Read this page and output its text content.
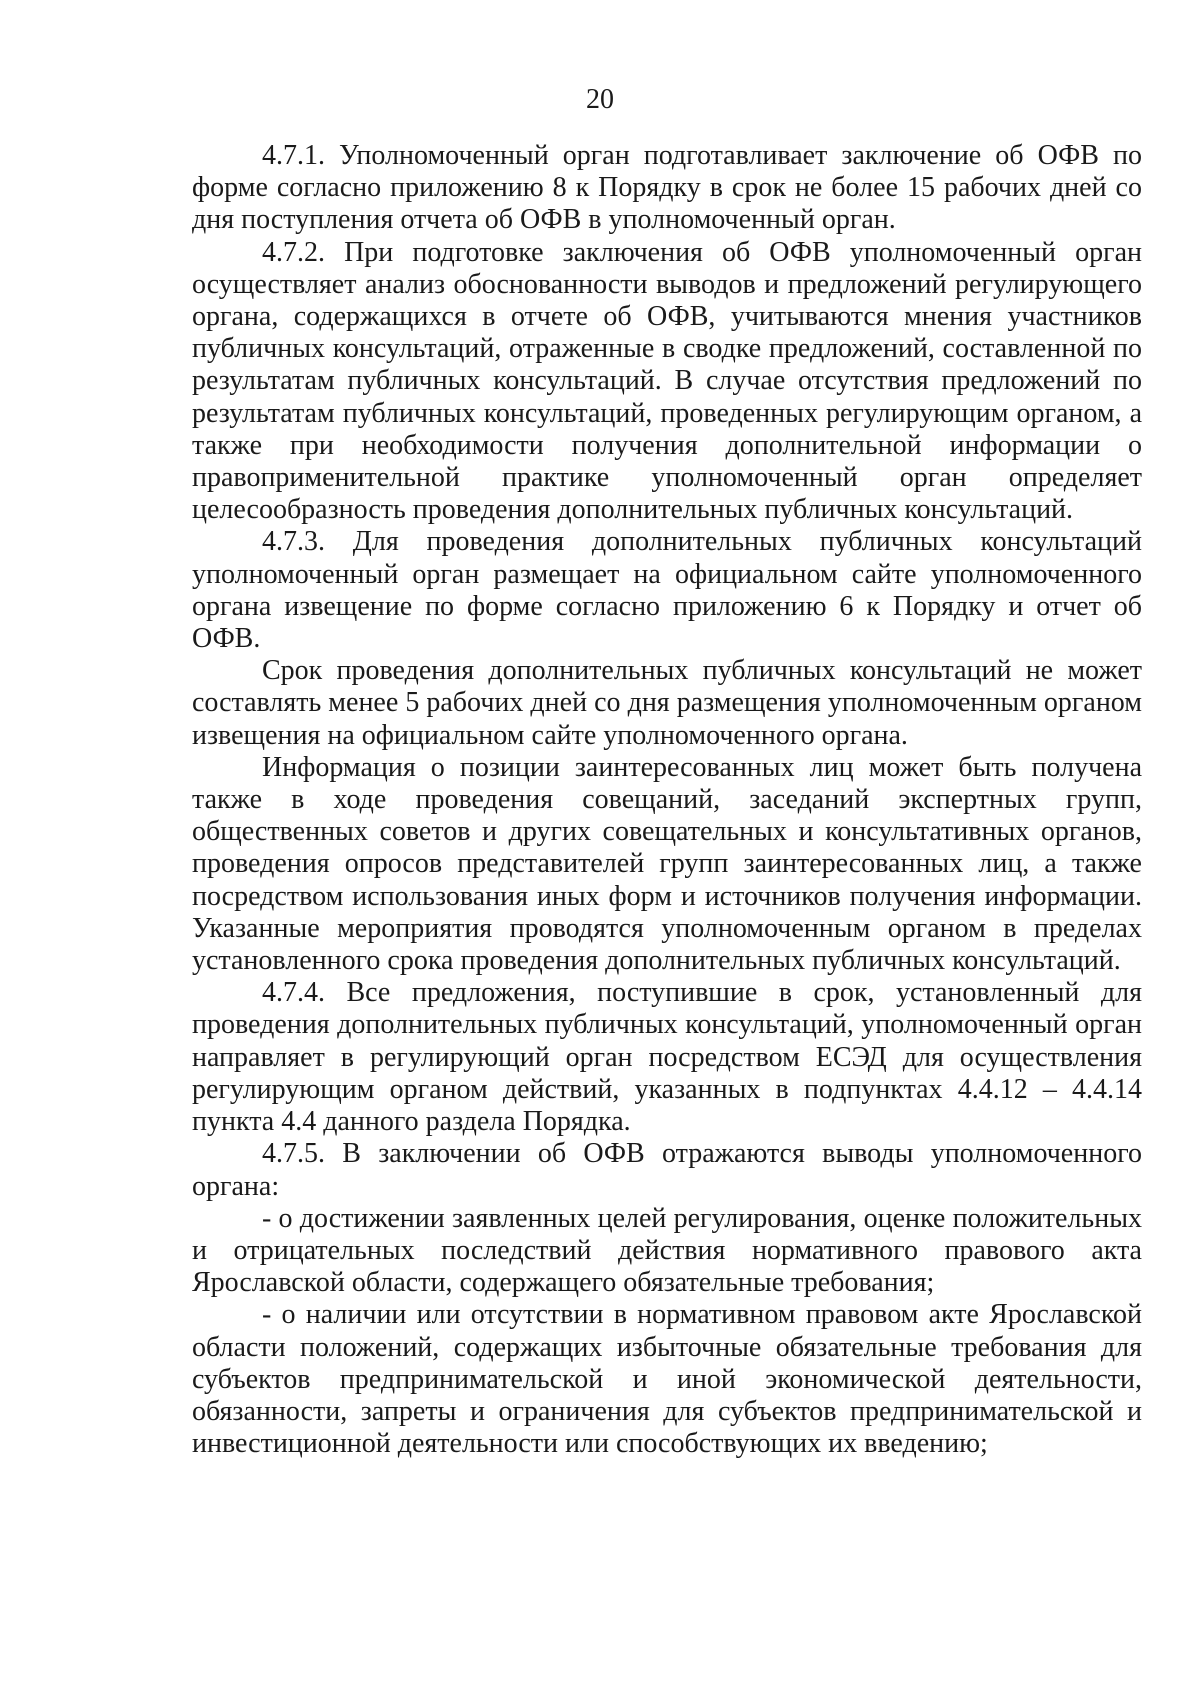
20

4.7.1. Уполномоченный орган подготавливает заключение об ОФВ по форме согласно приложению 8 к Порядку в срок не более 15 рабочих дней со дня поступления отчета об ОФВ в уполномоченный орган.

4.7.2. При подготовке заключения об ОФВ уполномоченный орган осуществляет анализ обоснованности выводов и предложений регулирующего органа, содержащихся в отчете об ОФВ, учитываются мнения участников публичных консультаций, отраженные в сводке предложений, составленной по результатам публичных консультаций. В случае отсутствия предложений по результатам публичных консультаций, проведенных регулирующим органом, а также при необходимости получения дополнительной информации о правоприменительной практике уполномоченный орган определяет целесообразность проведения дополнительных публичных консультаций.

4.7.3. Для проведения дополнительных публичных консультаций уполномоченный орган размещает на официальном сайте уполномоченного органа извещение по форме согласно приложению 6 к Порядку и отчет об ОФВ.

Срок проведения дополнительных публичных консультаций не может составлять менее 5 рабочих дней со дня размещения уполномоченным органом извещения на официальном сайте уполномоченного органа.

Информация о позиции заинтересованных лиц может быть получена также в ходе проведения совещаний, заседаний экспертных групп, общественных советов и других совещательных и консультативных органов, проведения опросов представителей групп заинтересованных лиц, а также посредством использования иных форм и источников получения информации. Указанные мероприятия проводятся уполномоченным органом в пределах установленного срока проведения дополнительных публичных консультаций.

4.7.4. Все предложения, поступившие в срок, установленный для проведения дополнительных публичных консультаций, уполномоченный орган направляет в регулирующий орган посредством ЕСЭД для осуществления регулирующим органом действий, указанных в подпунктах 4.4.12 – 4.4.14 пункта 4.4 данного раздела Порядка.

4.7.5. В заключении об ОФВ отражаются выводы уполномоченного органа:

- о достижении заявленных целей регулирования, оценке положительных и отрицательных последствий действия нормативного правового акта Ярославской области, содержащего обязательные требования;

- о наличии или отсутствии в нормативном правовом акте Ярославской области положений, содержащих избыточные обязательные требования для субъектов предпринимательской и иной экономической деятельности, обязанности, запреты и ограничения для субъектов предпринимательской и инвестиционной деятельности или способствующих их введению;
